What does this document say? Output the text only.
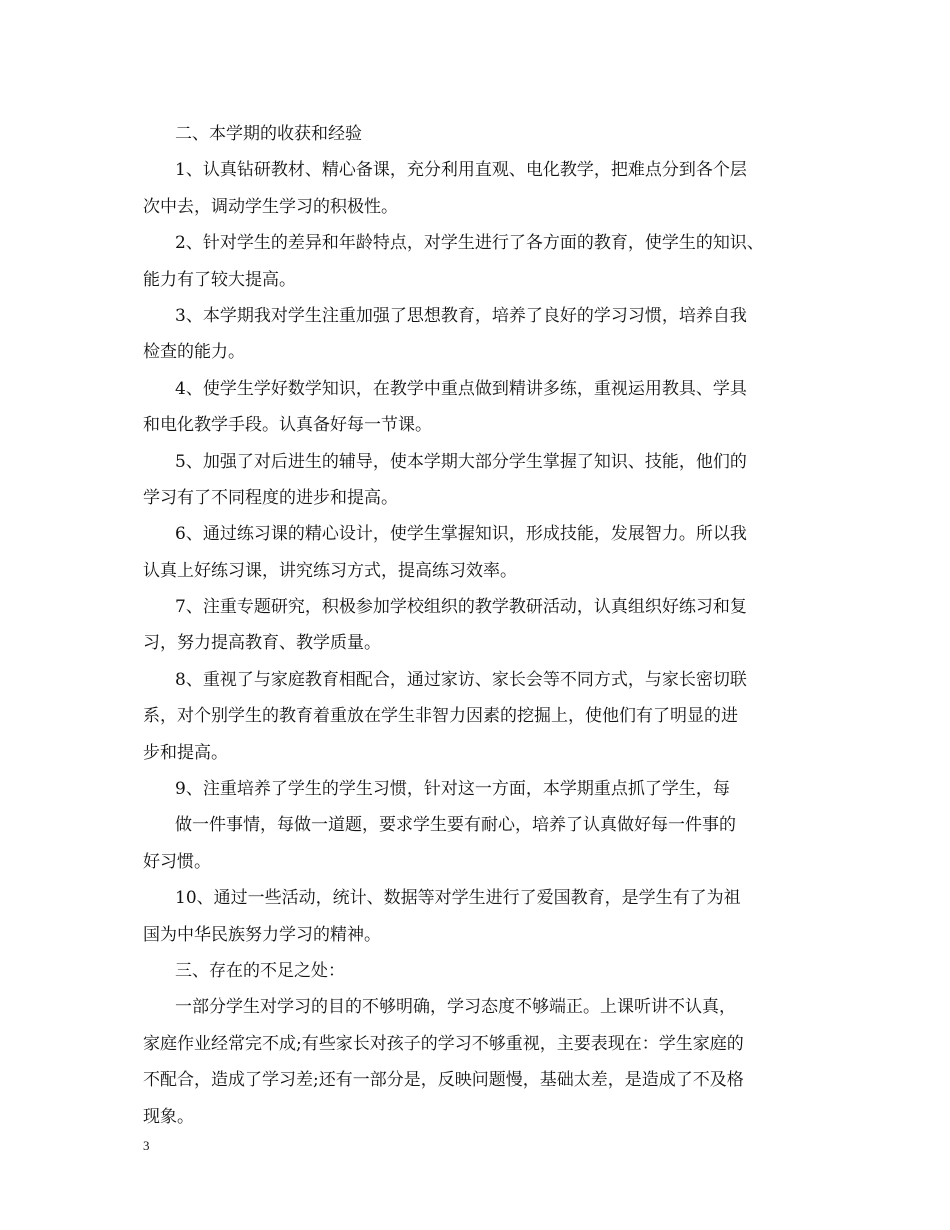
二、本学期的收获和经验
1、认真钻研教材、精心备课，充分利用直观、电化教学，把难点分到各个层
次中去，调动学生学习的积极性。
2、针对学生的差异和年龄特点，对学生进行了各方面的教育，使学生的知识、
能力有了较大提高。
3、本学期我对学生注重加强了思想教育，培养了良好的学习习惯，培养自我
检查的能力。
4、使学生学好数学知识，在教学中重点做到精讲多练，重视运用教具、学具
和电化教学手段。认真备好每一节课。
5、加强了对后进生的辅导，使本学期大部分学生掌握了知识、技能，他们的
学习有了不同程度的进步和提高。
6、通过练习课的精心设计，使学生掌握知识，形成技能，发展智力。所以我
认真上好练习课，讲究练习方式，提高练习效率。
7、注重专题研究，积极参加学校组织的教学教研活动，认真组织好练习和复
习，努力提高教育、教学质量。
8、重视了与家庭教育相配合，通过家访、家长会等不同方式，与家长密切联
系，对个别学生的教育着重放在学生非智力因素的挖掘上，使他们有了明显的进
步和提高。
9、注重培养了学生的学生习惯，针对这一方面，本学期重点抓了学生，每
做一件事情，每做一道题，要求学生要有耐心，培养了认真做好每一件事的
好习惯。
10、通过一些活动，统计、数据等对学生进行了爱国教育，是学生有了为祖
国为中华民族努力学习的精神。
三、存在的不足之处：
一部分学生对学习的目的不够明确，学习态度不够端正。上课听讲不认真，
家庭作业经常完不成;有些家长对孩子的学习不够重视，主要表现在：学生家庭的
不配合，造成了学习差;还有一部分是，反映问题慢，基础太差，是造成了不及格
现象。
3
